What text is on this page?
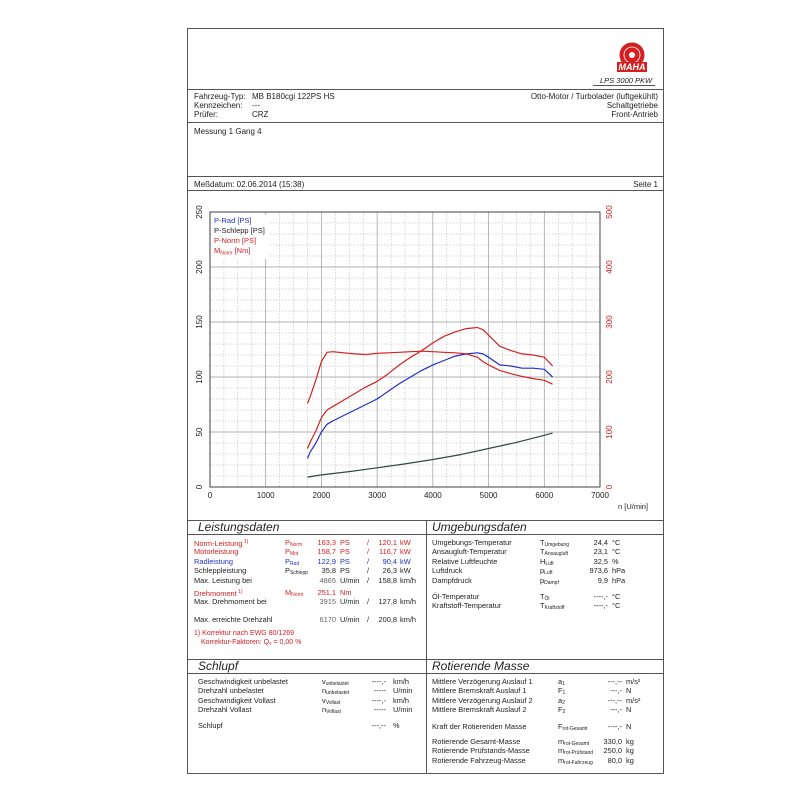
MAHA
LPS 3000 PKW
Fahrzeug-Typ: MB B180cgi 122PS HS
Kennzeichen: ---
Prüfer:	CRZ
Otto-Motor / Turbolader (luftgekühlt)
Schaltgetriebe
Front-Antrieb
Messung 1 Gang 4
Meßdatum: 02.06.2014 (15:38)	Seite 1
0	1000	2000	3000	4000	5000	6000	7000
n [U/min]
0
50
100
150
200
250
0
100
200
300
400
500
P-Rad [PS]
P-Schlepp [PS]
P-Norm [PS]
$M_{Norm}$ [Nm]
Leistungsdaten	Umgebungsdaten
Umgebungs-Temperatur	$T_{Umgebung}$	24,4 °C
Ansaugluft-Temperatur	$T_{Ansaugluft}$	23,1 °C
Relative Luftfeuchte	$H_{Luft}$	32,5 %
Luftdruck	$p_{Luft}$	973,6 hPa
Dampfdruck	$p_{Dampf}$	9,9 hPa
Öl-Temperatur	$T_{Öl}$	----,- °C
Kraftstoff-Temperatur	$T_{Kraftstoff}$	----,- °C
Schlupf	Rotierende Masse
Geschwindigkeit unbelastet	$v_{unbelastet}$	----,- km/h
Drehzahl unbelastet	$n_{unbelastet}$	----- U/min
Geschwindigkeit Vollast	$v_{Vollast}$	----,- km/h
Drehzahl Vollast	$n_{Vollast}$	----- U/min
Schlupf	---,-- %
Mittlere Verzögerung Auslauf 1	$a_1$	---,-- m/s²
Mittlere Bremskraft Auslauf 1	$F_1$	---,- N
Mittlere Verzögerung Auslauf 2	$a_2$	---,-- m/s²
Mittlere Bremskraft Auslauf 2	$F_2$	---,- N
Kraft der Rotierenden Masse	$F_{rot-Gesamt}$	----,- N
Rotierende Gesamt-Masse	$m_{rot-Gesamt}$	330,0 kg
Rotierende Prüfstands-Masse	$m_{rot-Prüfstand}$	250,0 kg
Rotierende Fahrzeug-Masse	$m_{rot-Fahrzeug}$	80,0 kg
Norm-Leistung $^{1)}$	$P_{Norm}$ 163,3 PS /	120,1 kW
Motorleistung	$P_{Mot}$	158,7 PS /	116,7 kW
Radleistung	$P_{Rad}$ 122,9 PS /	90,4 kW
Schleppleistung	$P_{Schlepp}$	35,8 PS /	26,3 kW
Max. Leistung bei	4865 U/min /	158,8 km/h
Drehmoment $^{1)}$	$M_{Norm}$ 251,1 Nm
Max. Drehmoment bei	3915 U/min /	127,8 km/h
Max. erreichte Drehzahl	6170 U/min /	200,8 km/h
1) Korrektur nach EWG 80/1269
Korrektur-Faktoren: $Q_v = 0,00$ %
